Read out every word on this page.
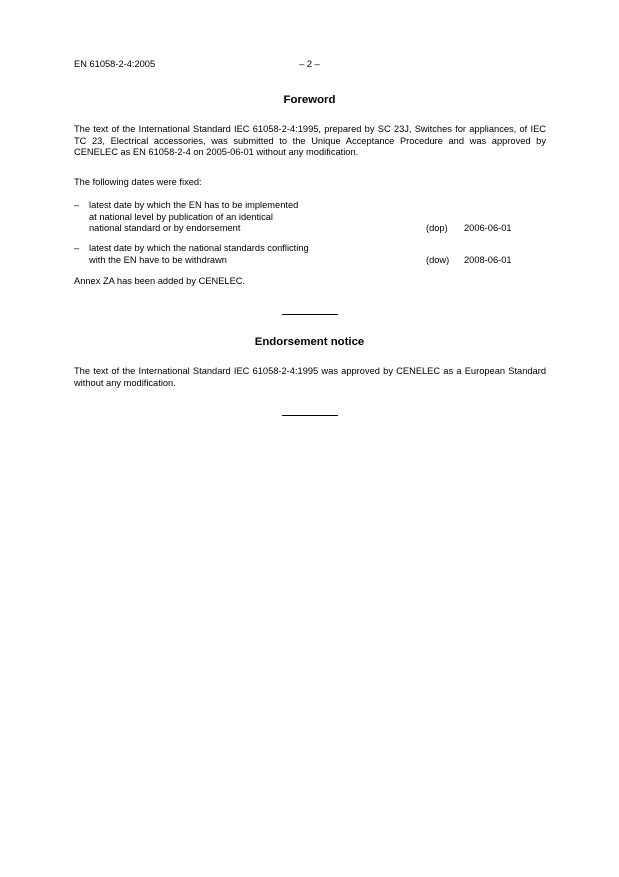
EN 61058-2-4:2005	– 2 –
Foreword

The text of the International Standard IEC 61058-2-4:1995, prepared by SC 23J, Switches for appliances, of IEC TC 23, Electrical accessories, was submitted to the Unique Acceptance Procedure and was approved by CENELEC as EN 61058-2-4 on 2005-06-01 without any modification.

The following dates were fixed:

– latest date by which the EN has to be implemented
at national level by publication of an identical
national standard or by endorsement	(dop)	2006-06-01
– latest date by which the national standards conflicting
with the EN have to be withdrawn	(dow)	2008-06-01

Annex ZA has been added by CENELEC.

Endorsement notice

The text of the International Standard IEC 61058-2-4:1995 was approved by CENELEC as a European Standard without any modification.
